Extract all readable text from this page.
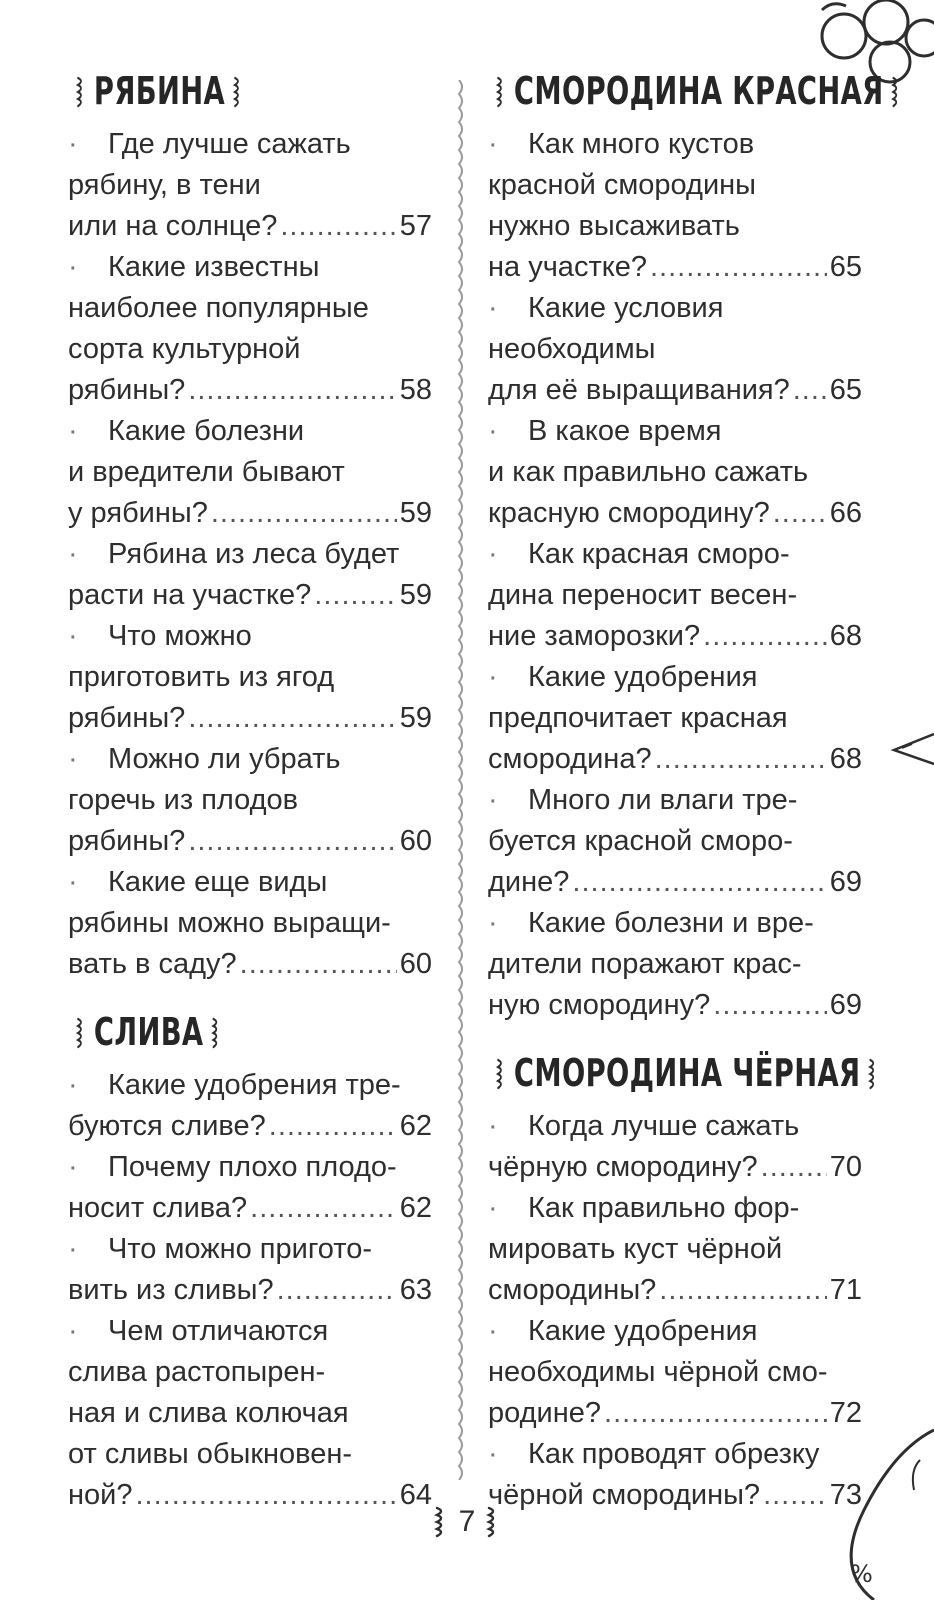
%
РЯБИНА
· Где лучше сажать
рябину, в тени
или на солнце? .....	57
· Какие известны
наиболее популярные
сорта культурной
рябины? .....	58
· Какие болезни
и вредители бывают
у рябины? .....	59
· Рябина из леса будет
расти на участке? .....	59
· Что можно
приготовить из ягод
рябины? .....	59
· Можно ли убрать
горечь из плодов
рябины? .....	60
· Какие еще виды
рябины можно выращи-
вать в саду? .....	60
СЛИВА
· Какие удобрения тре-
буются сливе? .....	62
· Почему плохо плодо-
носит слива? .....	62
· Что можно пригото-
вить из сливы? .....	63
· Чем отличаются
слива растопырен-
ная и слива колючая
от сливы обыкновен-
ной? .....	64
СМОРОДИНА КРАСНАЯ
· Как много кустов
красной смородины
нужно высаживать
на участке? .....	65
· Какие условия
необходимы
для её выращивания? ..... 65
· В какое время
и как правильно сажать
красную смородину? ..... 66
· Как красная сморо-
дина переносит весен-
ние заморозки? .....	68
· Какие удобрения
предпочитает красная
смородина? .....	68
· Много ли влаги тре-
буется красной сморо-
дине? .....	69
· Какие болезни и вре-
дители поражают крас-
ную смородину? .....	69
СМОРОДИНА ЧЁРНАЯ
· Когда лучше сажать
чёрную смородину? ..... 70
· Как правильно фор-
мировать куст чёрной
смородины? .....	71
· Какие удобрения
необходимы чёрной смо-
родине? .....	72
· Как проводят обрезку
чёрной смородины? ..... 73
7
